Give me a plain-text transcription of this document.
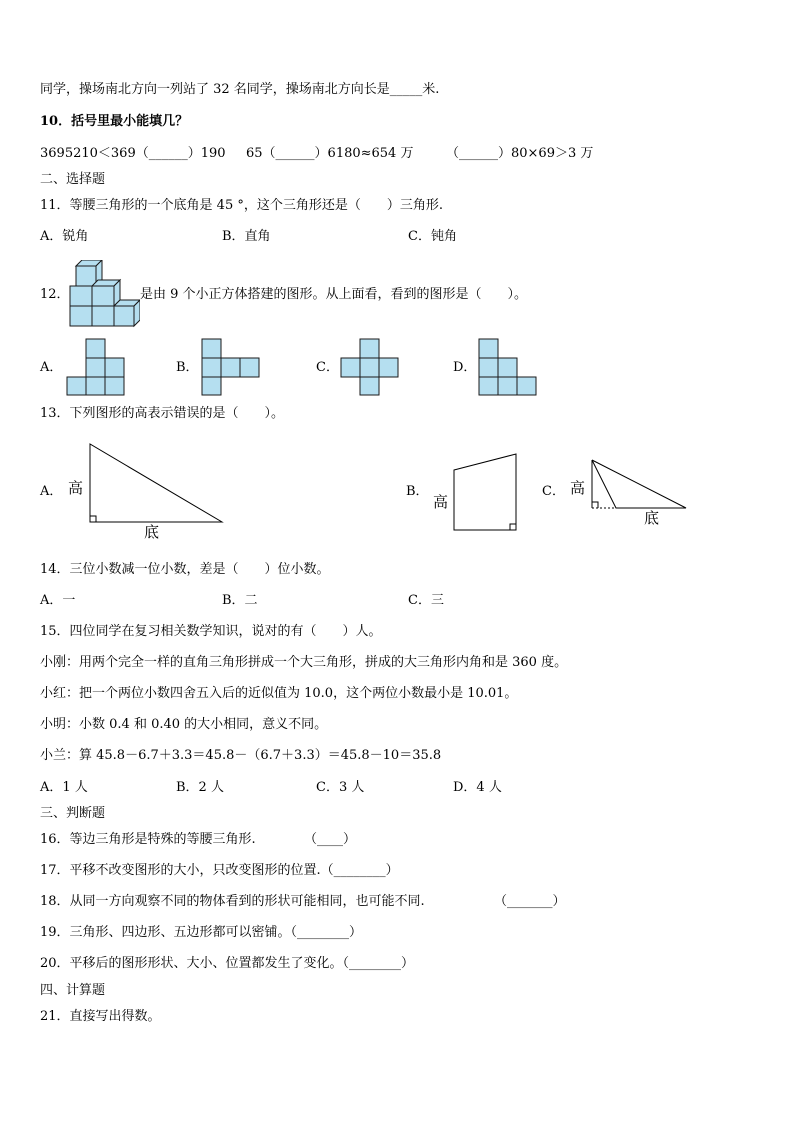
同学，操场南北方向一列站了 32 名同学，操场南北方向长是_____米.
10．括号里最小能填几？
3695210＜369（______）190 65（______）6180≈654 万	（______）80×69＞3 万
二、选择题
11．等腰三角形的一个底角是 45 °，这个三角形还是（　　）三角形.
A．锐角	B．直角	C．钝角
12．	是由 9 个小正方体搭建的图形。从上面看，看到的图形是（　　）。
A．	B．	C．	D．
13．下列图形的高表示错误的是（　　）。
A． 高
底
B．
高
C． 高
底
14．三位小数减一位小数，差是（　　）位小数。
A．一	B．二	C．三
15．四位同学在复习相关数学知识，说对的有（　　）人。
小刚：用两个完全一样的直角三角形拼成一个大三角形，拼成的大三角形内角和是 360 度。
小红：把一个两位小数四舍五入后的近似值为 10.0，这个两位小数最小是 10.01。
小明：小数 0.4 和 0.40 的大小相同，意义不同。
小兰：算 45.8－6.7＋3.3＝45.8－（6.7＋3.3）＝45.8－10＝35.8
A．1 人	B．2 人	C．3 人	D．4 人
三、判断题
16．等边三角形是特殊的等腰三角形.	（____）
17．平移不改变图形的大小，只改变图形的位置.（________）
18．从同一方向观察不同的物体看到的形状可能相同，也可能不同.	（_______）
19．三角形、四边形、五边形都可以密铺。（________）
20．平移后的图形形状、大小、位置都发生了变化。（________）
四、计算题
21．直接写出得数。
